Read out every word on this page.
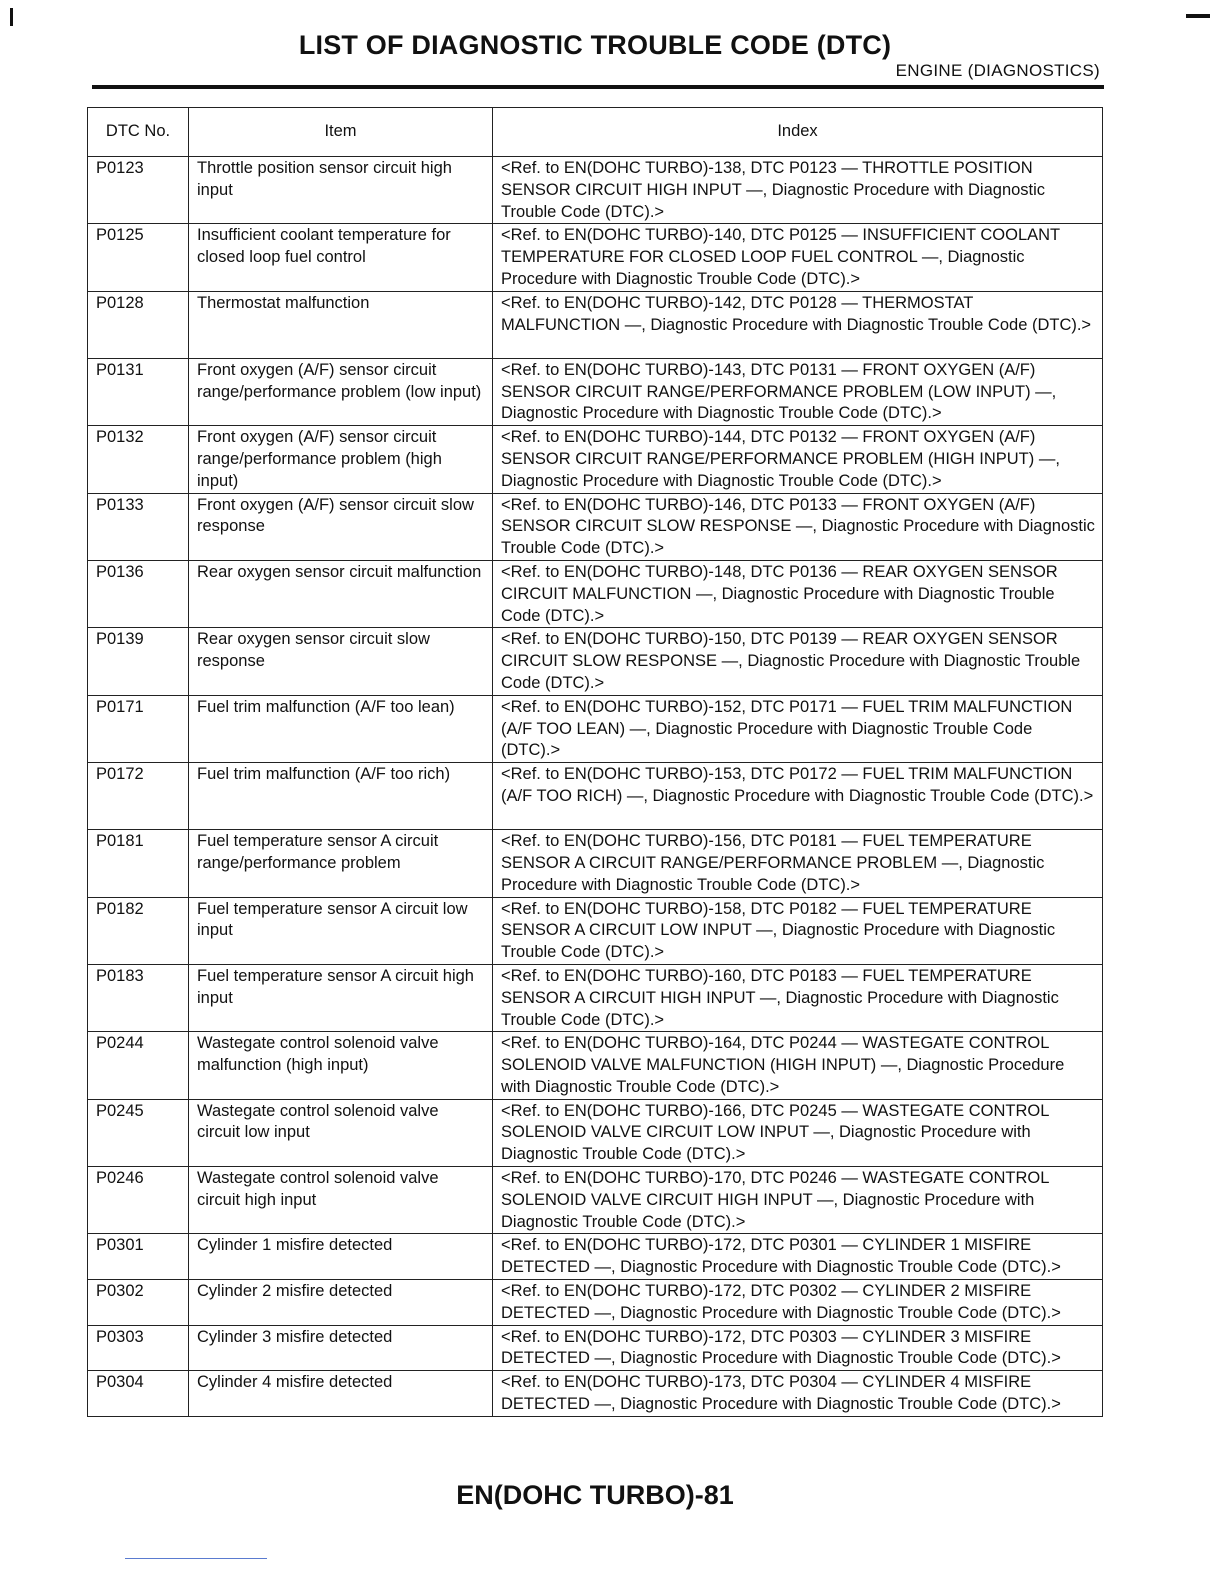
LIST OF DIAGNOSTIC TROUBLE CODE (DTC)
ENGINE (DIAGNOSTICS)
DTC No.	Item	Index
P0123	Throttle position sensor circuit high input	<Ref. to EN(DOHC TURBO)-138, DTC P0123 — THROTTLE POSITION SENSOR CIRCUIT HIGH INPUT —, Diagnostic Procedure with Diagnostic Trouble Code (DTC).>
P0125	Insufficient coolant temperature for closed loop fuel control	<Ref. to EN(DOHC TURBO)-140, DTC P0125 — INSUFFICIENT COOLANT TEMPERATURE FOR CLOSED LOOP FUEL CONTROL —, Diagnostic Procedure with Diagnostic Trouble Code (DTC).>
P0128	Thermostat malfunction	<Ref. to EN(DOHC TURBO)-142, DTC P0128 — THERMOSTAT MALFUNCTION —, Diagnostic Procedure with Diagnostic Trouble Code (DTC).>
P0131	Front oxygen (A/F) sensor circuit range/performance problem (low input)	<Ref. to EN(DOHC TURBO)-143, DTC P0131 — FRONT OXYGEN (A/F) SENSOR CIRCUIT RANGE/PERFORMANCE PROBLEM (LOW INPUT) —, Diagnostic Procedure with Diagnostic Trouble Code (DTC).>
P0132	Front oxygen (A/F) sensor circuit range/performance problem (high input)	<Ref. to EN(DOHC TURBO)-144, DTC P0132 — FRONT OXYGEN (A/F) SENSOR CIRCUIT RANGE/PERFORMANCE PROBLEM (HIGH INPUT) —, Diagnostic Procedure with Diagnostic Trouble Code (DTC).>
P0133	Front oxygen (A/F) sensor circuit slow response	<Ref. to EN(DOHC TURBO)-146, DTC P0133 — FRONT OXYGEN (A/F) SENSOR CIRCUIT SLOW RESPONSE —, Diagnostic Procedure with Diagnostic Trouble Code (DTC).>
P0136	Rear oxygen sensor circuit malfunction	<Ref. to EN(DOHC TURBO)-148, DTC P0136 — REAR OXYGEN SENSOR CIRCUIT MALFUNCTION —, Diagnostic Procedure with Diagnostic Trouble Code (DTC).>
P0139	Rear oxygen sensor circuit slow response	<Ref. to EN(DOHC TURBO)-150, DTC P0139 — REAR OXYGEN SENSOR CIRCUIT SLOW RESPONSE —, Diagnostic Procedure with Diagnostic Trouble Code (DTC).>
P0171	Fuel trim malfunction (A/F too lean)	<Ref. to EN(DOHC TURBO)-152, DTC P0171 — FUEL TRIM MALFUNCTION (A/F TOO LEAN) —, Diagnostic Procedure with Diagnostic Trouble Code (DTC).>
P0172	Fuel trim malfunction (A/F too rich)	<Ref. to EN(DOHC TURBO)-153, DTC P0172 — FUEL TRIM MALFUNCTION (A/F TOO RICH) —, Diagnostic Procedure with Diagnostic Trouble Code (DTC).>
P0181	Fuel temperature sensor A circuit range/performance problem	<Ref. to EN(DOHC TURBO)-156, DTC P0181 — FUEL TEMPERATURE SENSOR A CIRCUIT RANGE/PERFORMANCE PROBLEM —, Diagnostic Procedure with Diagnostic Trouble Code (DTC).>
P0182	Fuel temperature sensor A circuit low input	<Ref. to EN(DOHC TURBO)-158, DTC P0182 — FUEL TEMPERATURE SENSOR A CIRCUIT LOW INPUT —, Diagnostic Procedure with Diagnostic Trouble Code (DTC).>
P0183	Fuel temperature sensor A circuit high input	<Ref. to EN(DOHC TURBO)-160, DTC P0183 — FUEL TEMPERATURE SENSOR A CIRCUIT HIGH INPUT —, Diagnostic Procedure with Diagnostic Trouble Code (DTC).>
P0244	Wastegate control solenoid valve malfunction (high input)	<Ref. to EN(DOHC TURBO)-164, DTC P0244 — WASTEGATE CONTROL SOLENOID VALVE MALFUNCTION (HIGH INPUT) —, Diagnostic Procedure with Diagnostic Trouble Code (DTC).>
P0245	Wastegate control solenoid valve circuit low input	<Ref. to EN(DOHC TURBO)-166, DTC P0245 — WASTEGATE CONTROL SOLENOID VALVE CIRCUIT LOW INPUT —, Diagnostic Procedure with Diagnostic Trouble Code (DTC).>
P0246	Wastegate control solenoid valve circuit high input	<Ref. to EN(DOHC TURBO)-170, DTC P0246 — WASTEGATE CONTROL SOLENOID VALVE CIRCUIT HIGH INPUT —, Diagnostic Procedure with Diagnostic Trouble Code (DTC).>
P0301	Cylinder 1 misfire detected	<Ref. to EN(DOHC TURBO)-172, DTC P0301 — CYLINDER 1 MISFIRE DETECTED —, Diagnostic Procedure with Diagnostic Trouble Code (DTC).>
P0302	Cylinder 2 misfire detected	<Ref. to EN(DOHC TURBO)-172, DTC P0302 — CYLINDER 2 MISFIRE DETECTED —, Diagnostic Procedure with Diagnostic Trouble Code (DTC).>
P0303	Cylinder 3 misfire detected	<Ref. to EN(DOHC TURBO)-172, DTC P0303 — CYLINDER 3 MISFIRE DETECTED —, Diagnostic Procedure with Diagnostic Trouble Code (DTC).>
P0304	Cylinder 4 misfire detected	<Ref. to EN(DOHC TURBO)-173, DTC P0304 — CYLINDER 4 MISFIRE DETECTED —, Diagnostic Procedure with Diagnostic Trouble Code (DTC).>
EN(DOHC TURBO)-81
